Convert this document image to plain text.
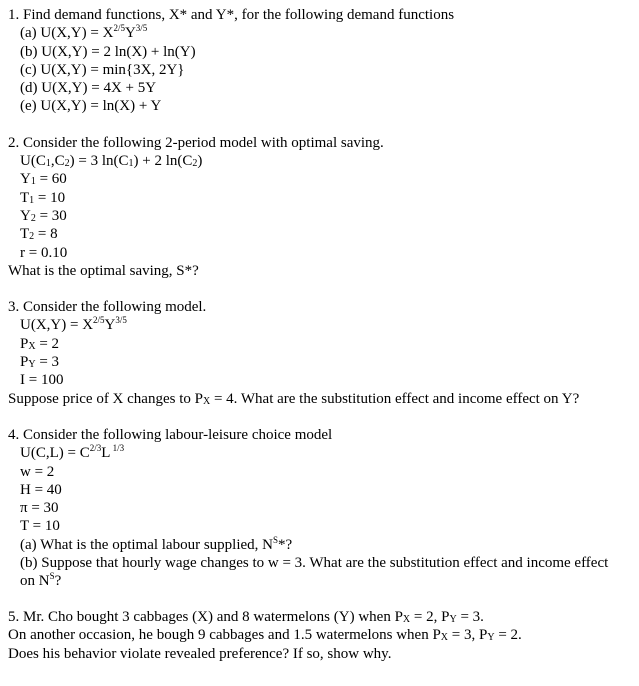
1. Find demand functions, X* and Y*, for the following demand functions
(a) $U(X,Y) = X^{2/5}Y^{3/5}$
(b) U(X,Y) = 2 ln(X) + ln(Y)
(c) U(X,Y) = min{3X, 2Y}
(d) U(X,Y) = 4X + 5Y
(e) U(X,Y) = ln(X) + Y
2. Consider the following 2-period model with optimal saving.
$U(C_1,C_2) = 3$ $\ln(C_1) + 2$ $\ln(C_2)$
$Y_1 = 60$
$T_1 = 10$
$Y_2 = 30$
$T_2 = 8$
r = 0.10
What is the optimal saving, S*?
3. Consider the following model.
$U(X,Y) = X^{2/5}Y^{3/5}$
$P_X = 2$
$P_Y = 3$
I = 100
Suppose price of X changes to $P_X = 4$. What are the substitution effect and income effect on Y?
4. Consider the following labour-leisure choice model
$U(C,L) = C^{2/3}L$ $^{1/3}$
w = 2
H = 40
π = 30
T = 10
(a) What is the optimal labour supplied, $N^S*$?
(b) Suppose that hourly wage changes to w = 3. What are the substitution effect and income effect on $N^S$?
5. Mr. Cho bought 3 cabbages (X) and 8 watermelons (Y) when $P_X = 2$, $P_Y = 3$.
On another occasion, he bough 9 cabbages and 1.5 watermelons when $P_X = 3$, $P_Y = 2$.
Does his behavior violate revealed preference? If so, show why.
